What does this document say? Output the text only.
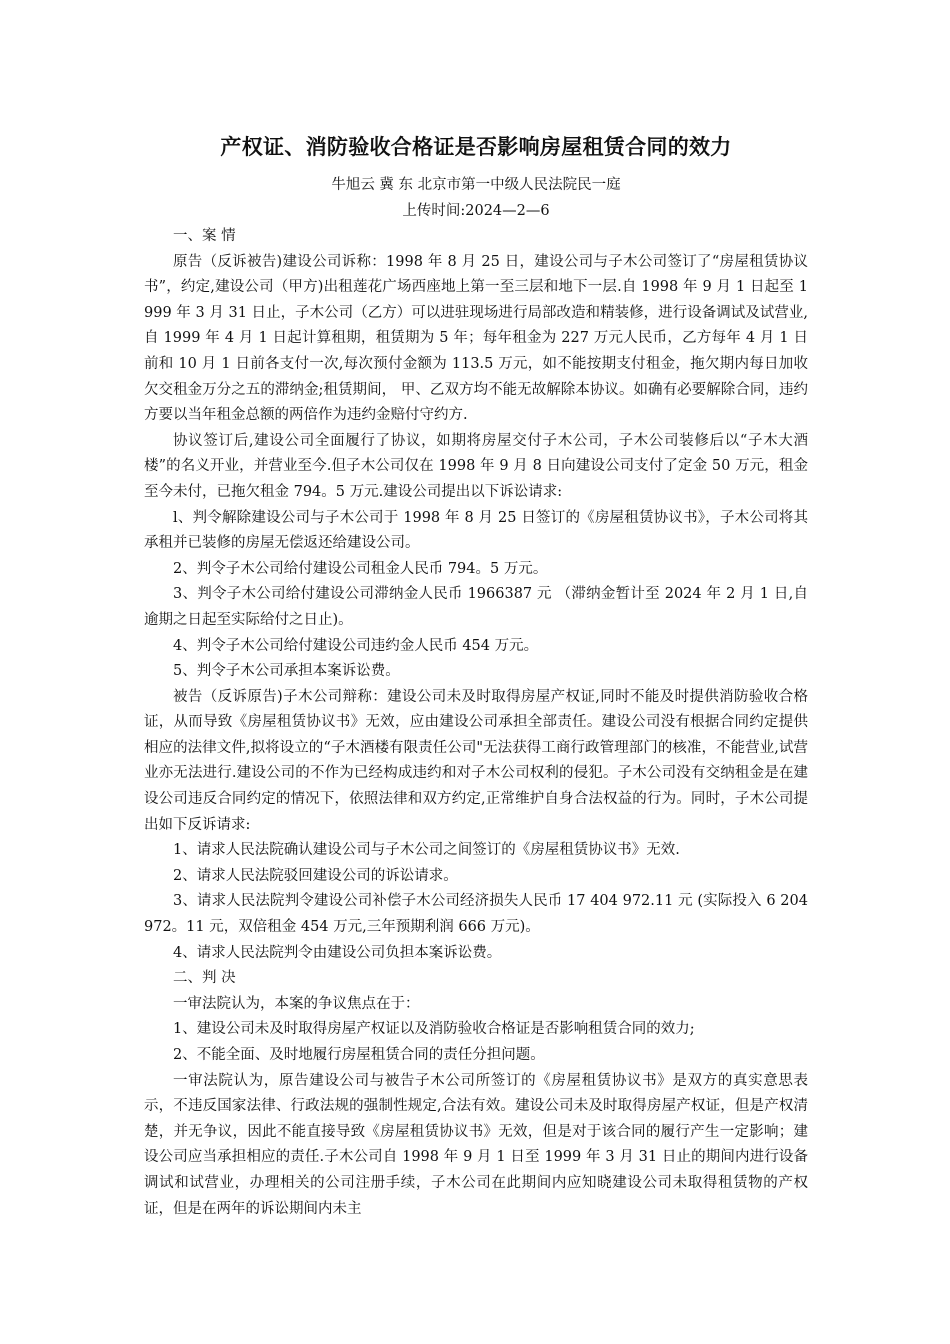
产权证、消防验收合格证是否影响房屋租赁合同的效力
牛旭云 冀 东 北京市第一中级人民法院民一庭
上传时间:2024—2—6

一、案 情

原告（反诉被告)建设公司诉称：1998 年 8 月 25 日，建设公司与子木公司签订了“房屋租赁协议书”，约定,建设公司（甲方)出租莲花广场西座地上第一至三层和地下一层.自 1998 年 9 月 1 日起至 1999 年 3 月 31 日止，子木公司（乙方）可以进驻现场进行局部改造和精装修，进行设备调试及试营业,自 1999 年 4 月 1 日起计算租期，租赁期为 5 年；每年租金为 227 万元人民币，乙方每年 4 月 1 日前和 10 月 1 日前各支付一次,每次预付金额为 113.5 万元，如不能按期支付租金，拖欠期内每日加收欠交租金万分之五的滞纳金;租赁期间， 甲、乙双方均不能无故解除本协议。如确有必要解除合同，违约方要以当年租金总额的两倍作为违约金赔付守约方.

协议签订后,建设公司全面履行了协议，如期将房屋交付子木公司，子木公司装修后以“子木大酒楼”的名义开业，并营业至今.但子木公司仅在 1998 年 9 月 8 日向建设公司支付了定金 50 万元，租金至今未付，已拖欠租金 794。5 万元.建设公司提出以下诉讼请求:

l、判令解除建设公司与子木公司于 1998 年 8 月 25 日签订的《房屋租赁协议书》，子木公司将其承租并已装修的房屋无偿返还给建设公司。

2、判令子木公司给付建设公司租金人民币 794。5 万元。

3、判令子木公司给付建设公司滞纳金人民币 1966387 元 （滞纳金暂计至 2024 年 2 月 1 日,自逾期之日起至实际给付之日止)。

4、判令子木公司给付建设公司违约金人民币 454 万元。

5、判令子木公司承担本案诉讼费。

被告（反诉原告)子木公司辩称：建设公司未及时取得房屋产权证,同时不能及时提供消防验收合格证，从而导致《房屋租赁协议书》无效，应由建设公司承担全部责任。建设公司没有根据合同约定提供相应的法律文件,拟将设立的“子木酒楼有限责任公司"无法获得工商行政管理部门的核准，不能营业,试营业亦无法进行.建设公司的不作为已经构成违约和对子木公司权利的侵犯。子木公司没有交纳租金是在建设公司违反合同约定的情况下，依照法律和双方约定,正常维护自身合法权益的行为。同时，子木公司提出如下反诉请求:

1、请求人民法院确认建设公司与子木公司之间签订的《房屋租赁协议书》无效.

2、请求人民法院驳回建设公司的诉讼请求。

3、请求人民法院判令建设公司补偿子木公司经济损失人民币 17 404 972.11 元 (实际投入 6 204 972。11 元，双倍租金 454 万元,三年预期利润 666 万元)。

4、请求人民法院判令由建设公司负担本案诉讼费。

二、判 决

一审法院认为，本案的争议焦点在于：

1、建设公司未及时取得房屋产权证以及消防验收合格证是否影响租赁合同的效力;

2、不能全面、及时地履行房屋租赁合同的责任分担问题。

一审法院认为，原告建设公司与被告子木公司所签订的《房屋租赁协议书》是双方的真实意思表示，不违反国家法律、行政法规的强制性规定,合法有效。建设公司未及时取得房屋产权证，但是产权清楚，并无争议，因此不能直接导致《房屋租赁协议书》无效，但是对于该合同的履行产生一定影响；建设公司应当承担相应的责任.子木公司自 1998 年 9 月 1 日至 1999 年 3 月 31 日止的期间内进行设备调试和试营业，办理相关的公司注册手续，子木公司在此期间内应知晓建设公司未取得租赁物的产权证，但是在两年的诉讼期间内未主
